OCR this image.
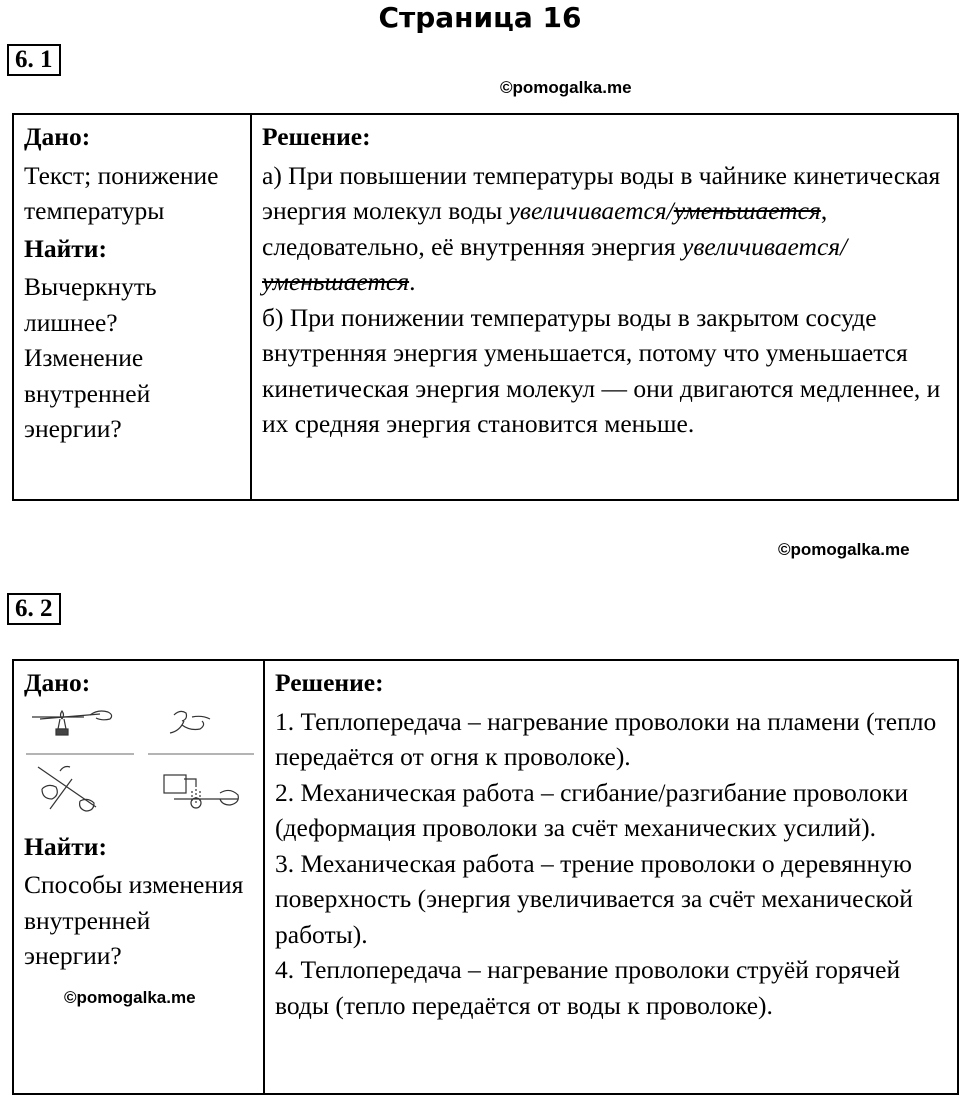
Страница 16
6. 1
©pomogalka.me
Дано:
Текст; понижение температуры
Найти:
Вычеркнуть лишнее? Изменение внутренней энергии?

Решение:
а) При повышении температуры воды в чайнике кинетическая энергия молекул воды увеличивается/уменьшается, следовательно, её внутренняя энергия увеличивается/уменьшается.
б) При понижении температуры воды в закрытом сосуде внутренняя энергия уменьшается, потому что уменьшается кинетическая энергия молекул — они двигаются медленнее, и их средняя энергия становится меньше.
©pomogalka.me
6. 2
Дано:
Найти:
Способы изменения внутренней энергии?
©pomogalka.me

Решение:
1. Теплопередача – нагревание проволоки на пламени (тепло передаётся от огня к проволоке).
2. Механическая работа – сгибание/разгибание проволоки (деформация проволоки за счёт механических усилий).
3. Механическая работа – трение проволоки о деревянную поверхность (энергия увеличивается за счёт механической работы).
4. Теплопередача – нагревание проволоки струёй горячей воды (тепло передаётся от воды к проволоке).
